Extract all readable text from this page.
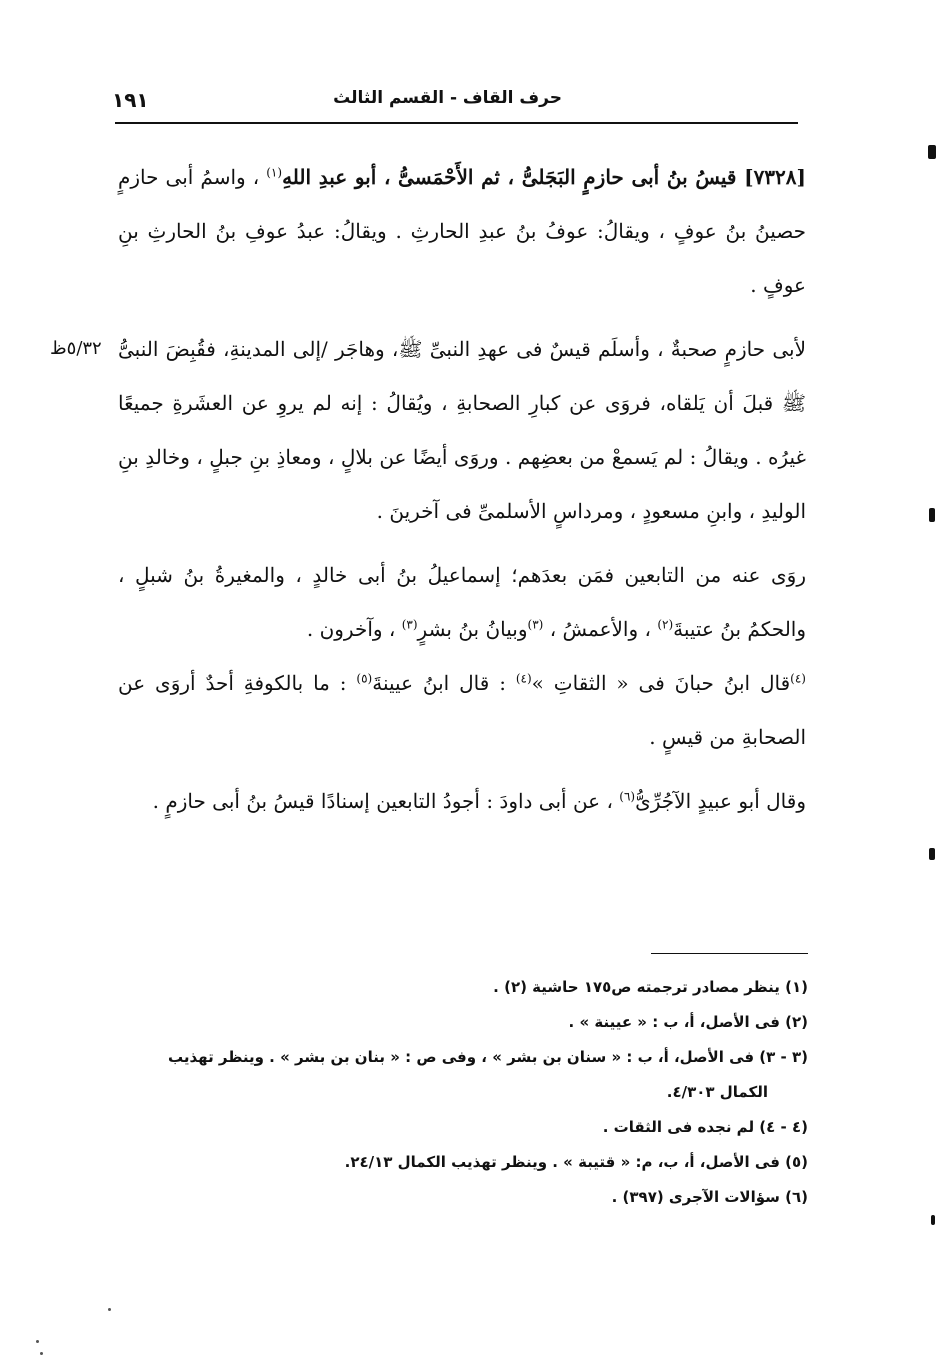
حرف القاف - القسم الثالث
١٩١
٥/٣٢ظ

[٧٣٢٨] قيسُ بنُ أبى حازمٍ البَجَلىُّ ، ثم الأَحْمَسىُّ ، أبو عبدِ اللهِ$^{(١)}$ ، واسمُ أبى حازمٍ حصينُ بنُ عوفٍ ، ويقالُ: عوفُ بنُ عبدِ الحارثِ . ويقالُ: عبدُ عوفِ بنُ الحارثِ بنِ عوفٍ .

لأبى حازمٍ صحبةٌ ، وأسلَم قيسٌ فى عهدِ النبىِّ ﷺ، وهاجَر /إلى المدينةِ، فقُبِضَ النبىُّ ﷺ قبلَ أن يَلقاه، فروَى عن كبارِ الصحابةِ ، ويُقالُ : إنه لم يروِ عن العشَرةِ جميعًا غيرُه . ويقالُ : لم يَسمعْ من بعضِهم . وروَى أيضًا عن بلالٍ ، ومعاذِ بنِ جبلٍ ، وخالدِ بنِ الوليدِ ، وابنِ مسعودٍ ، ومرداسٍ الأسلمىِّ فى آخرينَ .

روَى عنه من التابعين فمَن بعدَهم؛ إسماعيلُ بنُ أبى خالدٍ ، والمغيرةُ بنُ شبلٍ ، والحكمُ بنُ عتيبةَ$^{(٢)}$ ، والأعمشُ ، $^{(٣)}$وبيانُ بنُ بشرٍ$^{(٣)}$ ، وآخرون .

$^{(٤)}$قال ابنُ حبانَ فى « الثقاتِ »$^{(٤)}$ : قال ابنُ عيينةَ$^{(٥)}$ : ما بالكوفةِ أحدٌ أروَى عن الصحابةِ من قيسٍ .

وقال أبو عبيدٍ الآجُرِّىُّ$^{(٦)}$ ، عن أبى داودَ : أجودُ التابعين إسنادًا قيسُ بنُ أبى حازمٍ .

(١) ينظر مصادر ترجمته ص١٧٥ حاشية (٢) .

(٢) فى الأصل، أ، ب : « عيينة » .

(٣ - ٣) فى الأصل، أ، ب : « سنان بن بشر » ، وفى ص : « بنان بن بشر » . وينظر تهذيب

الكمال ٤/٣٠٣.

(٤ - ٤) لم نجده فى الثقات .

(٥) فى الأصل، أ، ب، م: « قتيبة » . وينظر تهذيب الكمال ٢٤/١٣.

(٦) سؤالات الآجرى (٣٩٧) .
